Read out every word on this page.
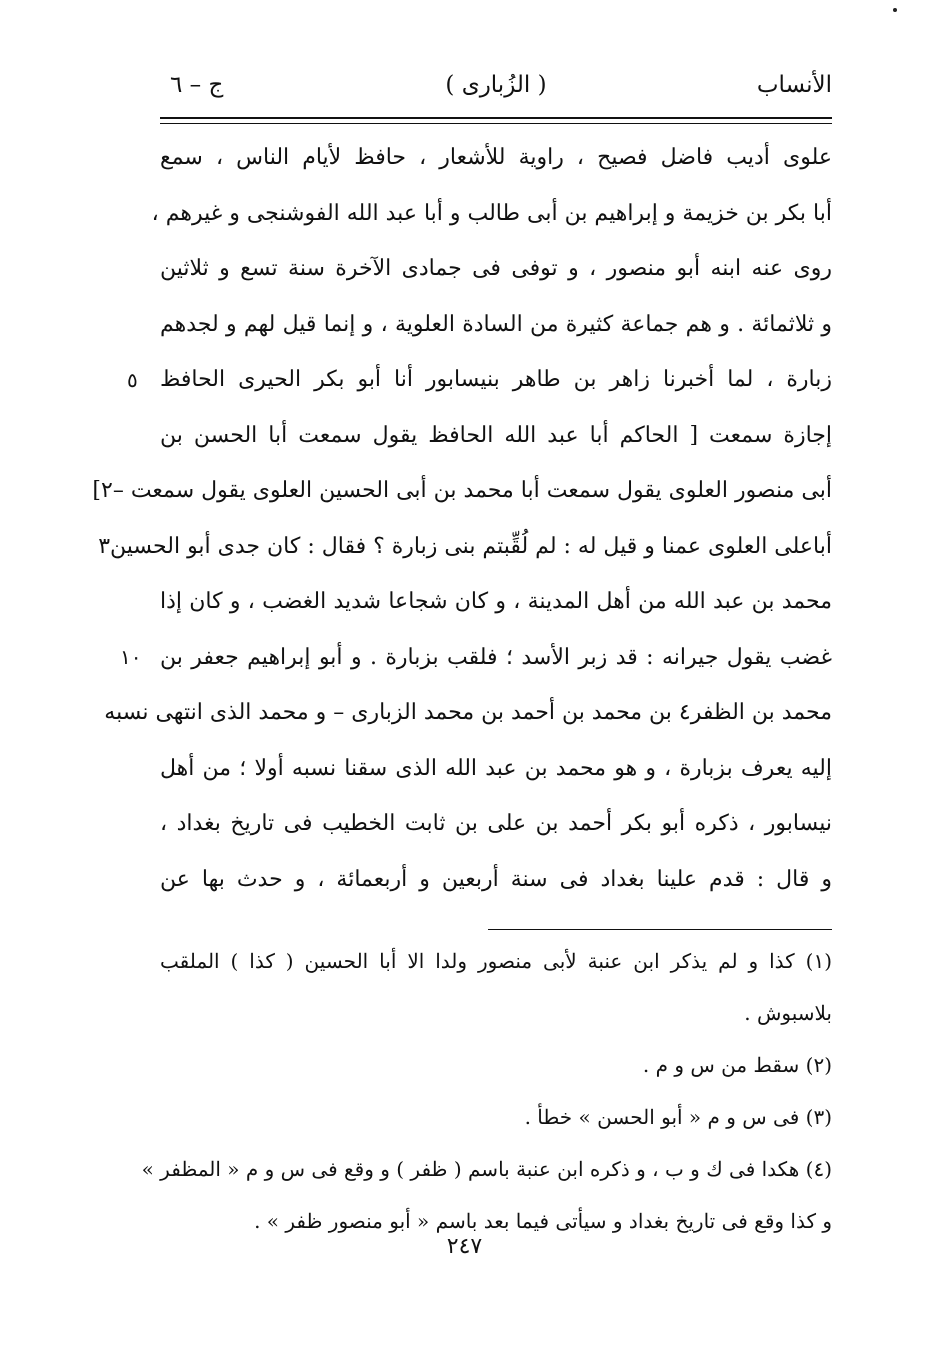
الأنساب
( الزُبارى )
ج – ٦
علوى أديب فاضل فصيح ، راوية للأشعار ، حافظ لأيام الناس ، سمع
أبا بكر بن خزيمة و إبراهيم بن أبى طالب و أبا عبد الله الفوشنجى و غيرهم ،
روى عنه ابنه أبو منصور ، و توفى فى جمادى الآخرة سنة تسع و ثلاثين
و ثلاثمائة . و هم جماعة كثيرة من السادة العلوية ، و إنما قيل لهم و لجدهم
زبارة ، لما أخبرنا زاهر بن طاهر بنيسابور أنا أبو بكر الحيرى الحافظ
إجازة سمعت [ الحاكم أبا عبد الله الحافظ يقول سمعت أبا الحسن بن
أبى منصور العلوى يقول سمعت أبا محمد بن أبى الحسين العلوى يقول سمعت –٢]
أباعلى العلوى عمنا و قيل له : لم لُقِّبتم بنى زبارة ؟ فقال : كان جدى أبو الحسين٣
محمد بن عبد الله من أهل المدينة ، و كان شجاعا شديد الغضب ، و كان إذا
غضب يقول جيرانه : قد زبر الأسد ؛ فلقب بزبارة . و أبو إبراهيم جعفر بن
محمد بن الظفر٤ بن محمد بن أحمد بن محمد الزبارى – و محمد الذى انتهى نسبه
إليه يعرف بزبارة ، و هو محمد بن عبد الله الذى سقنا نسبه أولا ؛ من أهل
نيسابور ، ذكره أبو بكر أحمد بن على بن ثابت الخطيب فى تاريخ بغداد ،
و قال : قدم علينا بغداد فى سنة أربعين و أربعمائة ، و حدث بها عن
٥
١٠
(١) كذا و لم يذكر ابن عنبة لأبى منصور ولدا الا أبا الحسين ( كذا ) الملقب
بلاسبوش .
(٢) سقط من س و م .
(٣) فى س و م « أبو الحسن » خطأ .
(٤) هكدا فى ك و ب ، و ذكره ابن عنبة باسم ( ظفر ) و وقع فى س و م « المظفر »
و كذا وقع فى تاريخ بغداد و سيأتى فيما بعد باسم « أبو منصور ظفر » .
٢٤٧
